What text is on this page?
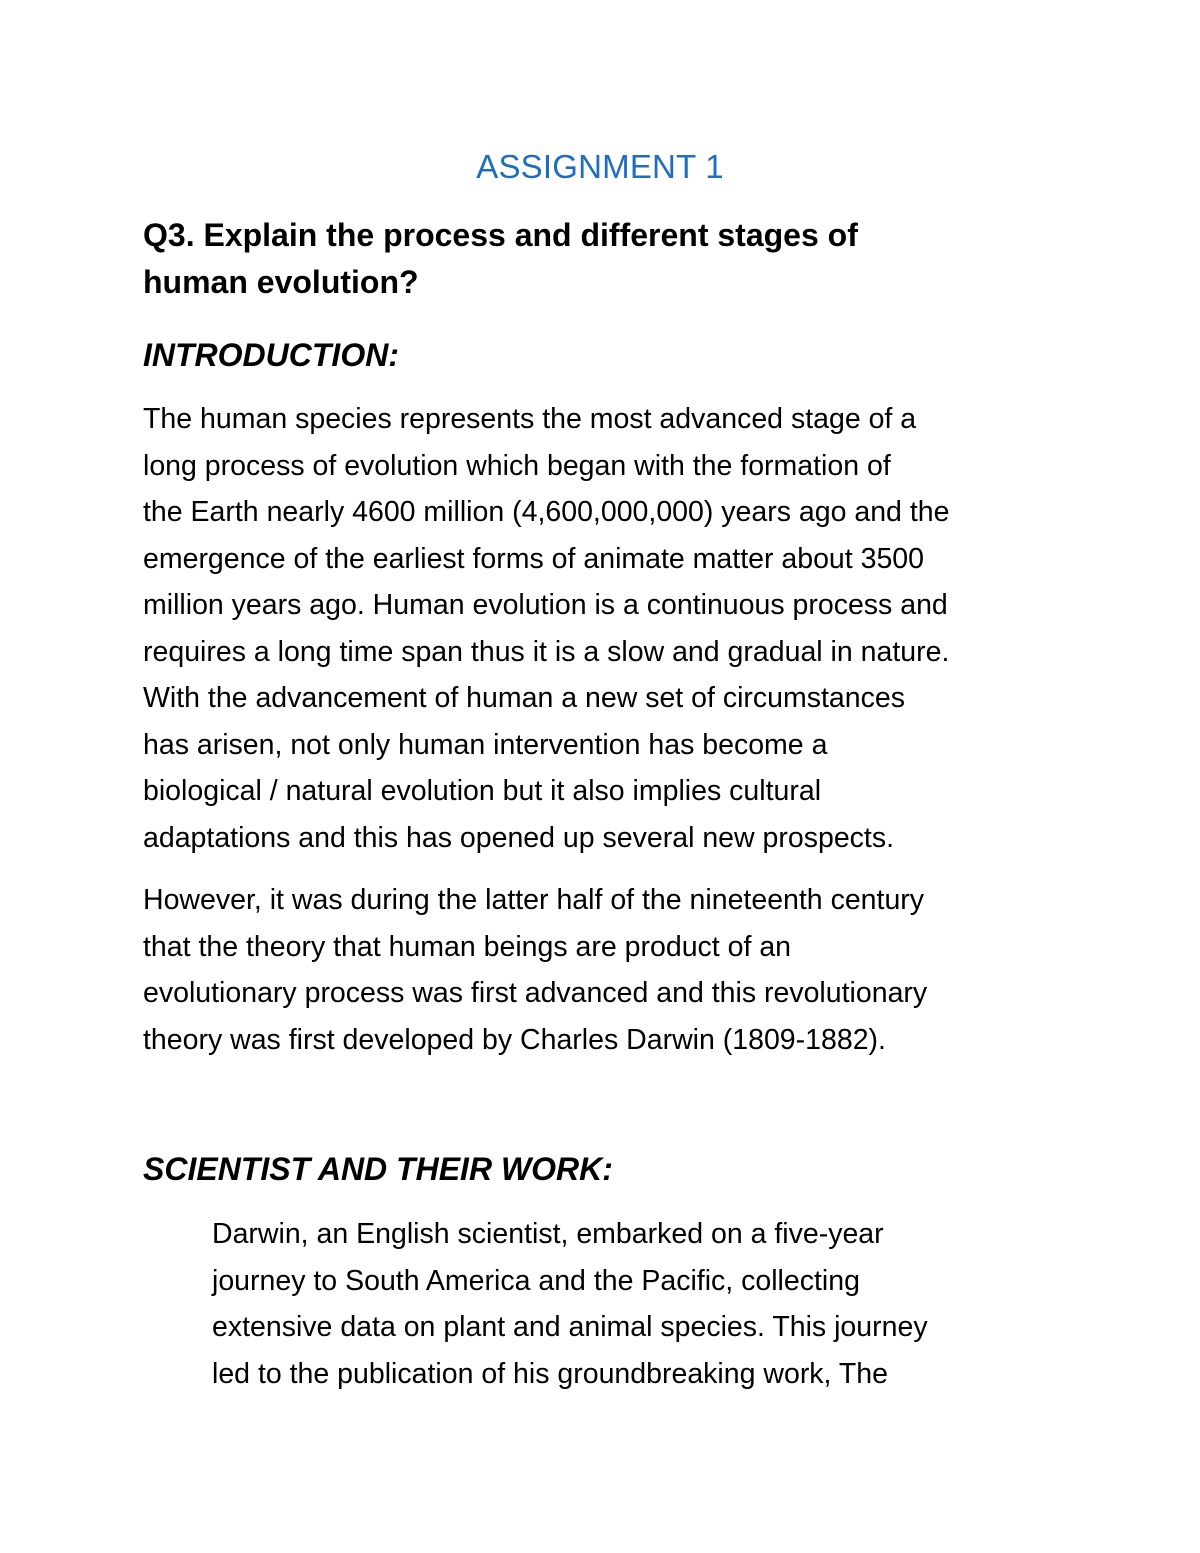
ASSIGNMENT 1
Q3. Explain the process and different stages of
human evolution?
INTRODUCTION:

The human species represents the most advanced stage of a
long process of evolution which began with the formation of
the Earth nearly 4600 million (4,600,000,000) years ago and the
emergence of the earliest forms of animate matter about 3500
million years ago. Human evolution is a continuous process and
requires a long time span thus it is a slow and gradual in nature.
With the advancement of human a new set of circumstances
has arisen, not only human intervention has become a
biological / natural evolution but it also implies cultural
adaptations and this has opened up several new prospects.

However, it was during the latter half of the nineteenth century
that the theory that human beings are product of an
evolutionary process was first advanced and this revolutionary
theory was first developed by Charles Darwin (1809-1882).

SCIENTIST AND THEIR WORK:

Darwin, an English scientist, embarked on a five-year
journey to South America and the Pacific, collecting
extensive data on plant and animal species. This journey
led to the publication of his groundbreaking work, The
